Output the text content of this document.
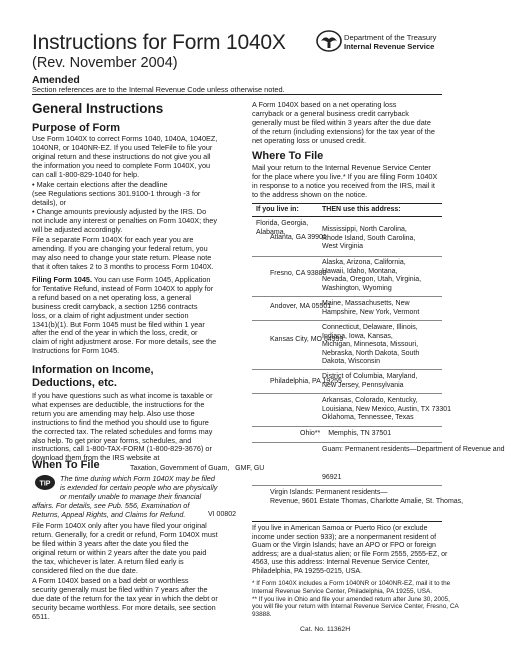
Instructions for Form 1040X
(Rev. November 2004)
Amended
Section references are to the Internal Revenue Code unless otherwise noted.
Department of the Treasury
Internal Revenue Service
General Instructions
Purpose of Form
Use Form 1040X to correct Forms 1040, 1040A, 1040EZ,
1040NR, or 1040NR-EZ. If you used TeleFile to file your
original return and these instructions do not give you all
the information you need to complete Form 1040X, you
can call 1-800-829-1040 for help.
• Make certain elections after the deadline
(see Regulations sections 301.9100-1 through -3 for
details), or
• Change amounts previously adjusted by the IRS. Do
not include any interest or penalties on Form 1040X; they
will be adjusted accordingly.
File a separate Form 1040X for each year you are
amending. If you are changing your federal return, you
may also need to change your state return. Please note
that it often takes 2 to 3 months to process Form 1040X.
Filing Form 1045. You can use Form 1045, Application
for Tentative Refund, instead of Form 1040X to apply for
a refund based on a net operating loss, a general
business credit carryback, a section 1256 contracts
loss, or a claim of right adjustment under section
1341(b)(1). But Form 1045 must be filed within 1 year
after the end of the year in which the loss, credit, or
claim of right adjustment arose. For more details, see the
Instructions for Form 1045.
Information on Income,
Deductions, etc.
If you have questions such as what income is taxable or
what expenses are deductible, the instructions for the
return you are amending may help. Also use those
instructions to find the method you should use to figure
the corrected tax. The related schedules and forms may
also help. To get prior year forms, schedules, and
instructions, call 1-800-TAX-FORM (1-800-829-3676) or
download them from the IRS website at
When To File
TIP
The time during which Form 1040X may be filed
is extended for certain people who are physically
or mentally unable to manage their financial
affairs. For details, see Pub. 556, Examination of
Returns, Appeal Rights, and Claims for Refund.
File Form 1040X only after you have filed your original
return. Generally, for a credit or refund, Form 1040X must
be filed within 3 years after the date you filed the
original return or within 2 years after the date you paid
the tax, whichever is later. A return filed early is
considered filed on the due date.
A Form 1040X based on a bad debt or worthless
security generally must be filed within 7 years after the
due date of the return for the tax year in which the debt or
security became worthless. For more details, see section
6511.
A Form 1040X based on a net operating loss
carryback or a general business credit carryback
generally must be filed within 3 years after the due date
of the return (including extensions) for the tax year of the
net operating loss or unused credit.
Where To File
Mail your return to the Internal Revenue Service Center
for the place where you live.* If you are filing Form 1040X
in response to a notice you received from the IRS, mail it
to the address shown on the notice.
If you live in:	THEN use this address:
Florida, Georgia,
Alabama,	Mississippi, North Carolina,
Rhode Island, South Carolina,
West Virginia
Atlanta, GA 39901
Alaska, Arizona, California,
Hawaii, Idaho, Montana,
Nevada, Oregon, Utah, Virginia,
Washington, Wyoming
Fresno, CA 93888
Maine, Massachusetts, New
Hampshire, New York, Vermont
Andover, MA 05501
Connecticut, Delaware, Illinois,
Indiana, Iowa, Kansas,
Michigan, Minnesota, Missouri,
Nebraska, North Dakota, South
Dakota, Wisconsin
Kansas City, MO 64999
District of Columbia, Maryland,
New Jersey, Pennsylvania
Philadelphia, PA 19255
Arkansas, Colorado, Kentucky,
Louisiana, New Mexico, Austin, TX 73301
Oklahoma, Tennessee, Texas
Ohio** Memphis, TN 37501
Guam: Permanent residents—Department of Revenue and
Taxation, Government of Guam, GMF, GU
96921
Virgin Islands: Permanent residents—
Revenue, 9601 Estate Thomas, Charlotte Amalie, St. Thomas,
VI 00802
If you live in American Samoa or Puerto Rico (or exclude
income under section 933); are a nonpermanent resident of
Guam or the Virgin Islands; have an APO or FPO or foreign
address; are a dual-status alien; or file Form 2555, 2555-EZ, or
4563, use this address: Internal Revenue Service Center,
Philadelphia, PA 19255-0215, USA.
* If Form 1040X includes a Form 1040NR or 1040NR-EZ, mail it to the
Internal Revenue Service Center, Philadelphia, PA 19255, USA.
** If you live in Ohio and file your amended return after June 30, 2005,
you will file your return with Internal Revenue Service Center, Fresno, CA
93888.
Cat. No. 11362H
